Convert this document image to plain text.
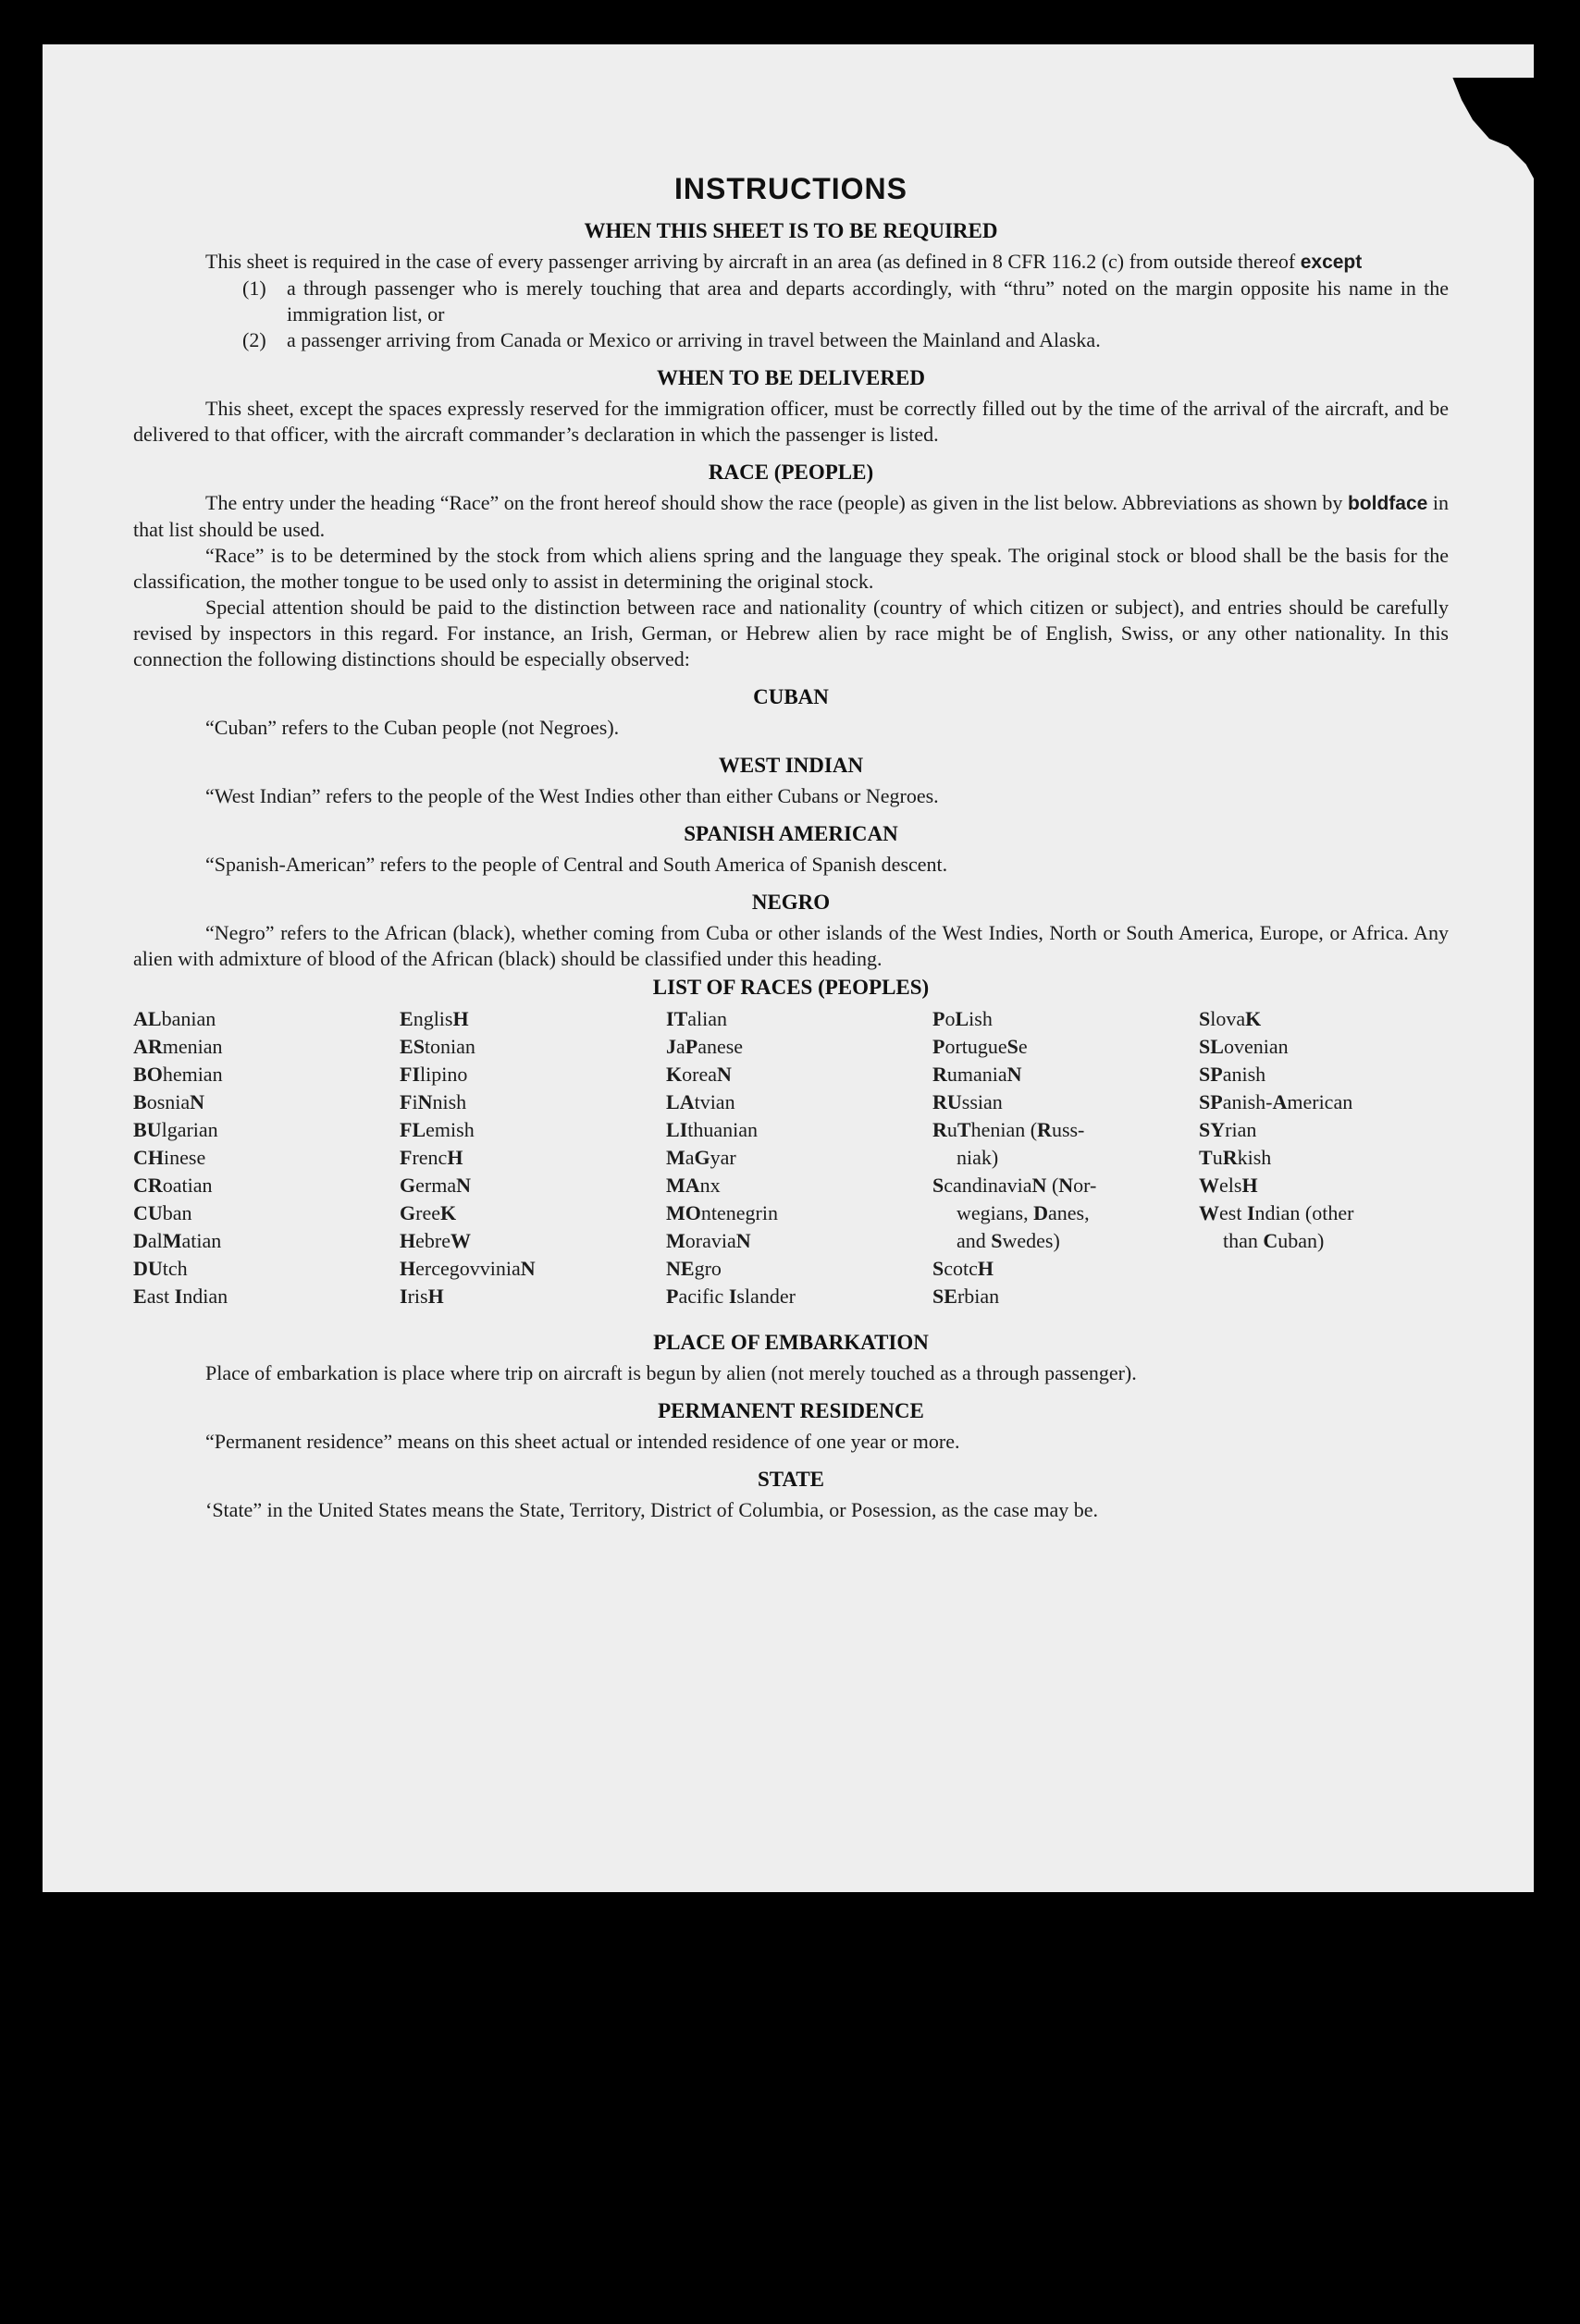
INSTRUCTIONS
WHEN THIS SHEET IS TO BE REQUIRED

This sheet is required in the case of every passenger arriving by aircraft in an area (as defined in 8 CFR 116.2 (c) from outside thereof except

(1)	a through passenger who is merely touching that area and departs accordingly, with “thru” noted on the margin opposite his name in the immigration list, or
(2)	a passenger arriving from Canada or Mexico or arriving in travel between the Mainland and Alaska.
WHEN TO BE DELIVERED

This sheet, except the spaces expressly reserved for the immigration officer, must be correctly filled out by the time of the arrival of the aircraft, and be delivered to that officer, with the aircraft commander’s declaration in which the passenger is listed.

RACE (PEOPLE)

The entry under the heading “Race” on the front hereof should show the race (people) as given in the list below. Abbreviations as shown by boldface in that list should be used.

“Race” is to be determined by the stock from which aliens spring and the language they speak. The original stock or blood shall be the basis for the classification, the mother tongue to be used only to assist in determining the original stock.

Special attention should be paid to the distinction between race and nationality (country of which citizen or subject), and entries should be carefully revised by inspectors in this regard. For instance, an Irish, German, or Hebrew alien by race might be of English, Swiss, or any other nationality. In this connection the following distinctions should be especially observed:

CUBAN

“Cuban” refers to the Cuban people (not Negroes).

WEST INDIAN

“West Indian” refers to the people of the West Indies other than either Cubans or Negroes.

SPANISH AMERICAN

“Spanish-American” refers to the people of Central and South America of Spanish descent.

NEGRO

“Negro” refers to the African (black), whether coming from Cuba or other islands of the West Indies, North or South America, Europe, or Africa. Any alien with admixture of blood of the African (black) should be classified under this heading.

LIST OF RACES (PEOPLES)
ALbanian
ARmenian
BOhemian
BosniaN
BUlgarian
CHinese
CRoatian
CUban
DalMatian
DUtch
East Indian
EnglisH
EStonian
FIlipino
FiNnish
FLemish
FrencH
GermaN
GreeK
HebreW
HercegovviniaN
IrisH
ITalian
JaPanese
KoreaN
LAtvian
LIthuanian
MaGyar
MAnx
MOntenegrin
MoraviaN
NEgro
Pacific Islander
PoLish
PortugueSe
RumaniaN
RUssian
RuThenian (Russ-
niak)
ScandinaviaN (Nor-
wegians, Danes,
and Swedes)
ScotcH
SErbian
SlovaK
SLovenian
SPanish
SPanish-American
SYrian
TuRkish
WelsH
West Indian (other
than Cuban)
PLACE OF EMBARKATION

Place of embarkation is place where trip on aircraft is begun by alien (not merely touched as a through passenger).

PERMANENT RESIDENCE

“Permanent residence” means on this sheet actual or intended residence of one year or more.

STATE

‘State” in the United States means the State, Territory, District of Columbia, or Posession, as the case may be.
